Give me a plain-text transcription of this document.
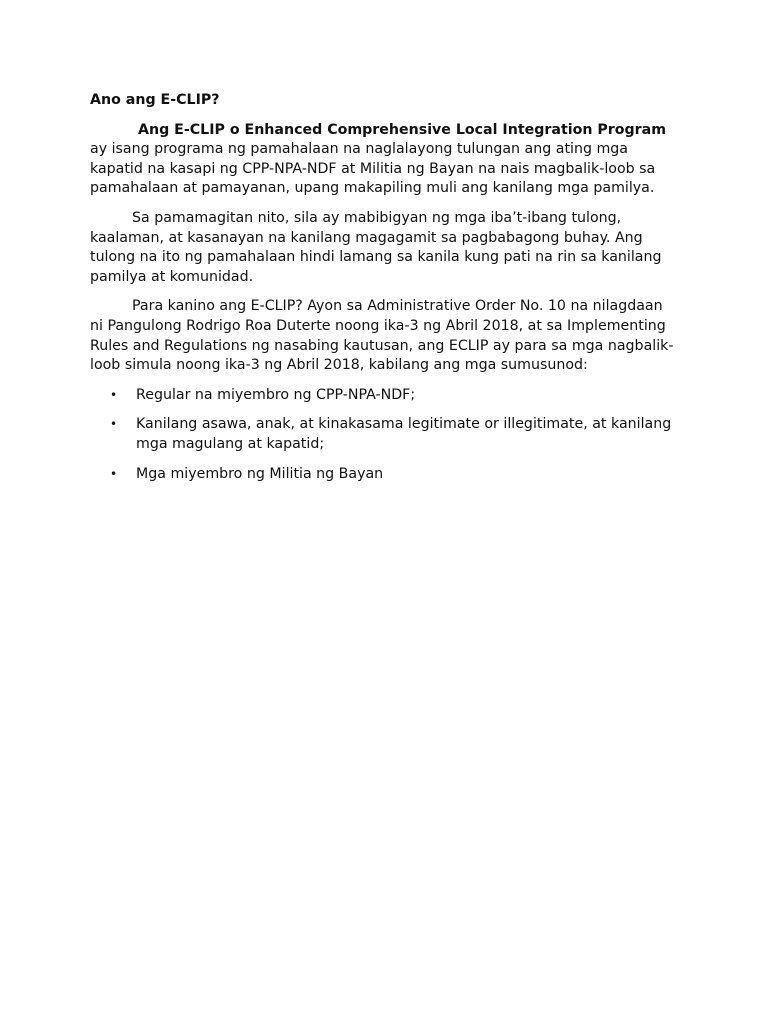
Ano ang E-CLIP?

Ang E-CLIP o Enhanced Comprehensive Local Integration Program ay isang programa ng pamahalaan na naglalayong tulungan ang ating mga kapatid na kasapi ng CPP-NPA-NDF at Militia ng Bayan na nais magbalik-loob sa pamahalaan at pamayanan, upang makapiling muli ang kanilang mga pamilya.

Sa pamamagitan nito, sila ay mabibigyan ng mga iba’t-ibang tulong, kaalaman, at kasanayan na kanilang magagamit sa pagbabagong buhay. Ang tulong na ito ng pamahalaan hindi lamang sa kanila kung pati na rin sa kanilang pamilya at komunidad.

Para kanino ang E-CLIP? Ayon sa Administrative Order No. 10 na nilagdaan ni Pangulong Rodrigo Roa Duterte noong ika-3 ng Abril 2018, at sa Implementing Rules and Regulations ng nasabing kautusan, ang ECLIP ay para sa mga nagbalik-loob simula noong ika-3 ng Abril 2018, kabilang ang mga sumusunod:

• Regular na miyembro ng CPP-NPA-NDF;
• Kanilang asawa, anak, at kinakasama legitimate or illegitimate, at kanilang mga magulang at kapatid;
• Mga miyembro ng Militia ng Bayan
